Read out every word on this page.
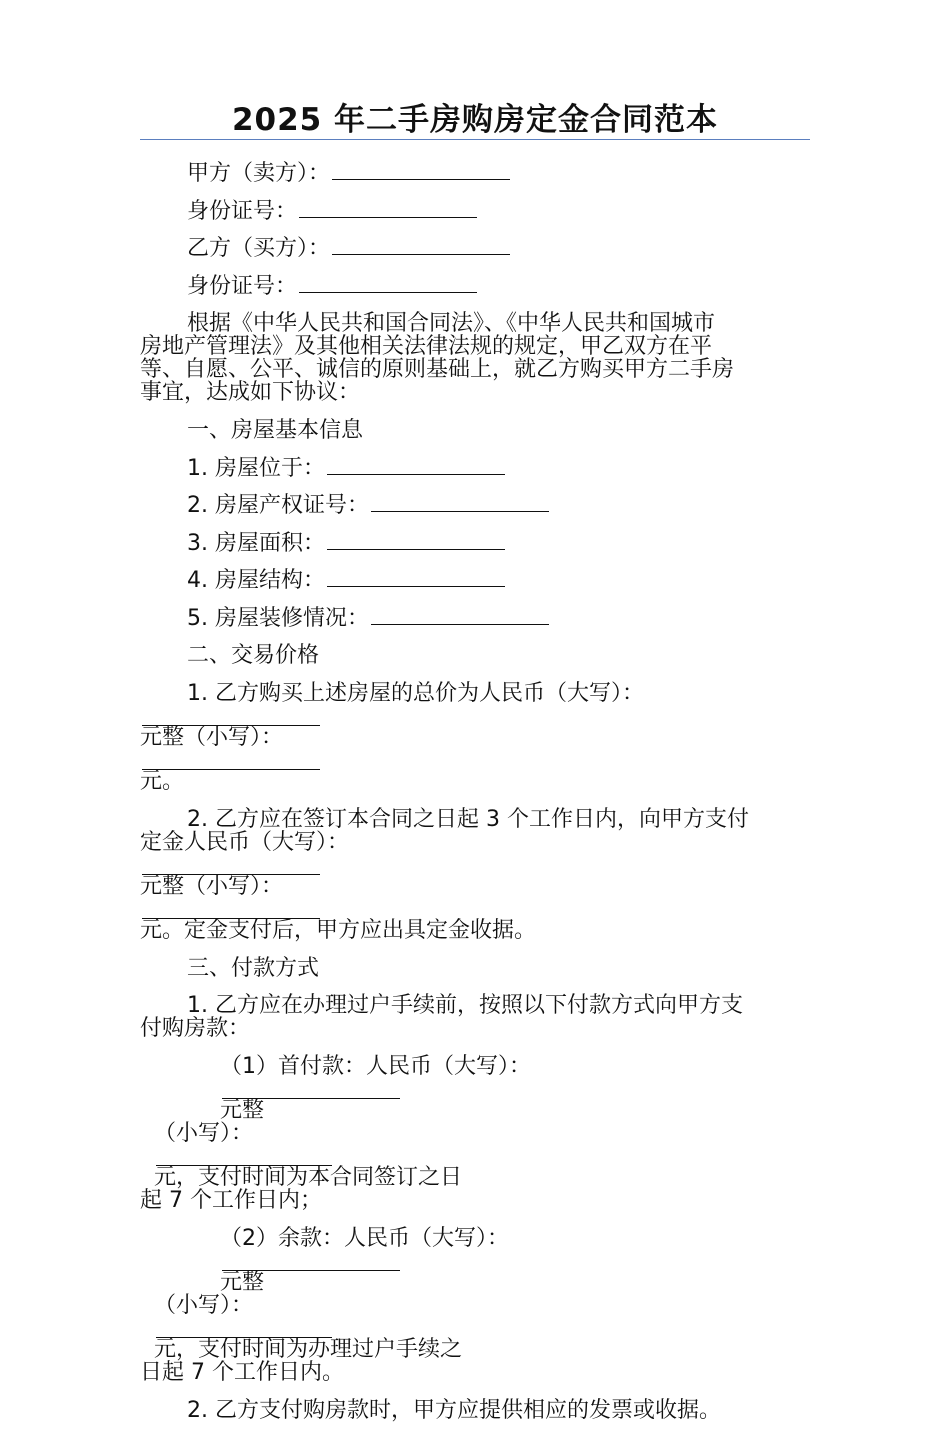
2025 年二手房购房定金合同范本

甲方（卖方）：

身份证号：

乙方（买方）：

身份证号：

根据《中华人民共和国合同法》、《中华人民共和国城市
房地产管理法》及其他相关法律法规的规定，甲乙双方在平
等、自愿、公平、诚信的原则基础上，就乙方购买甲方二手房
事宜，达成如下协议：

一、房屋基本信息

1. 房屋位于：

2. 房屋产权证号：

3. 房屋面积：

4. 房屋结构：

5. 房屋装修情况：

二、交易价格

1. 乙方购买上述房屋的总价为人民币（大写）：
元整（小写）：
元。
2. 乙方应在签订本合同之日起 3 个工作日内，向甲方支付
定金人民币（大写）：
元整（小写）：
元。定金支付后，甲方应出具定金收据。

三、付款方式

1. 乙方应在办理过户手续前，按照以下付款方式向甲方支
付购房款：
（1）首付款：人民币（大写）：
元整
（小写）：
元，支付时间为本合同签订之日
起 7 个工作日内；
（2）余款：人民币（大写）：
元整
（小写）：
元，支付时间为办理过户手续之
日起 7 个工作日内。

2. 乙方支付购房款时，甲方应提供相应的发票或收据。
